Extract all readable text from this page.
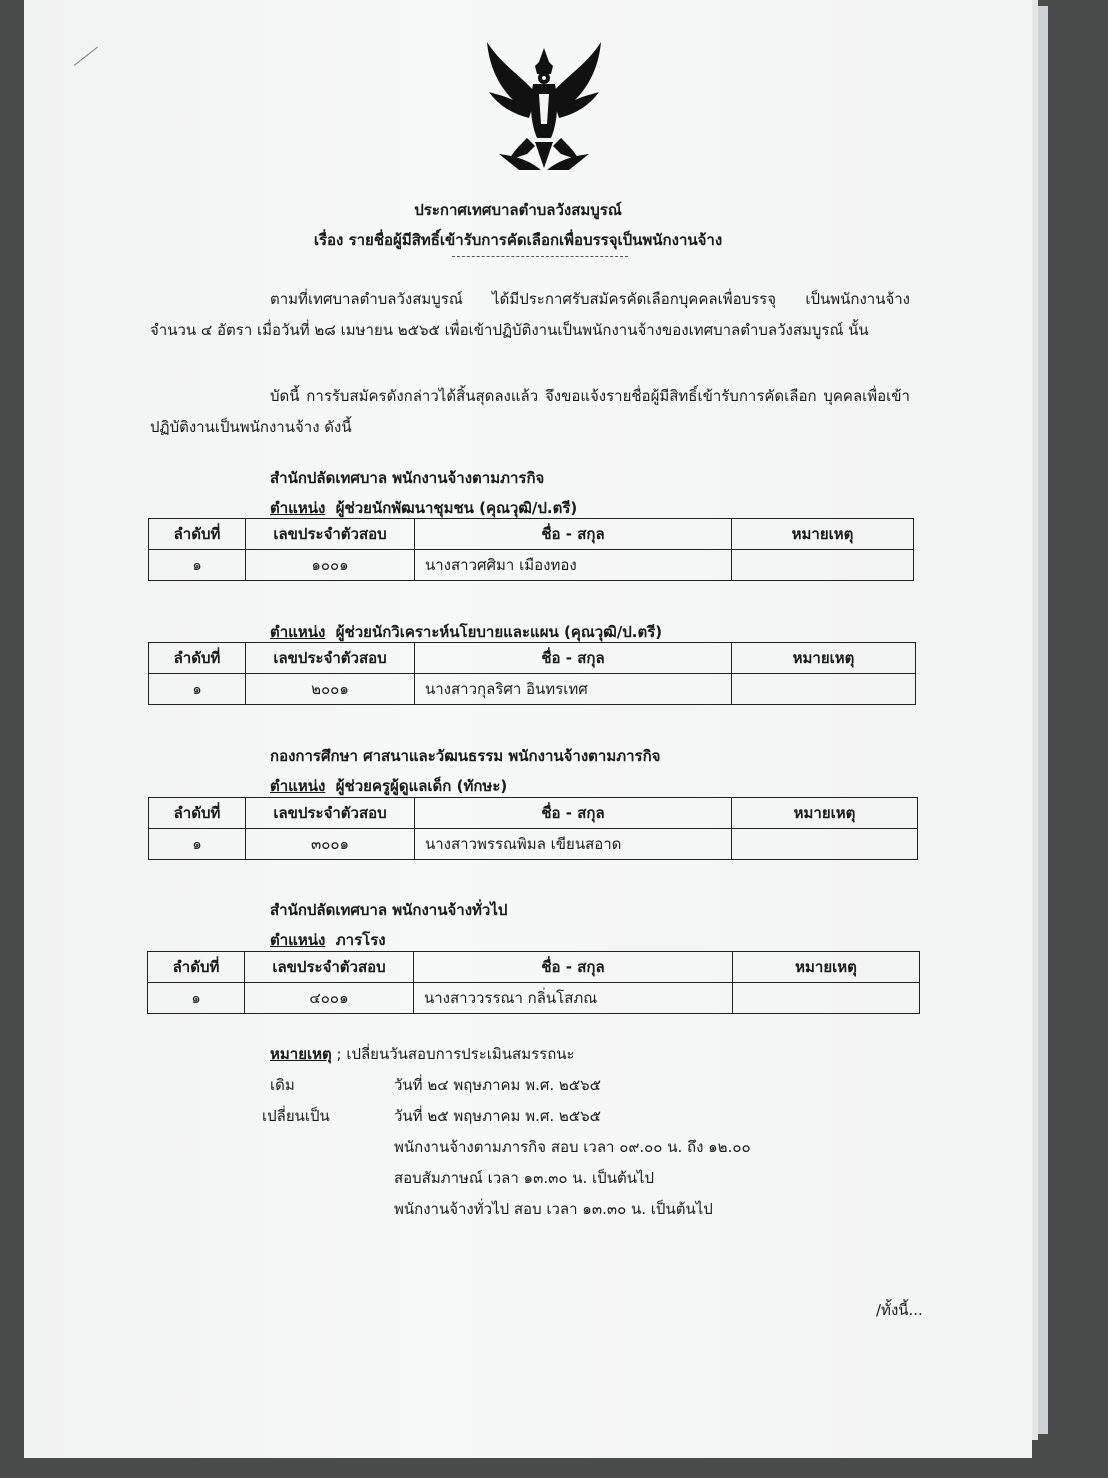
ประกาศเทศบาลตำบลวังสมบูรณ์
เรื่อง รายชื่อผู้มีสิทธิ์เข้ารับการคัดเลือกเพื่อบรรจุเป็นพนักงานจ้าง
ตามที่เทศบาลตำบลวังสมบูรณ์ ได้มีประกาศรับสมัครคัดเลือกบุคคลเพื่อบรรจุ เป็นพนักงานจ้าง จำนวน ๔ อัตรา เมื่อวันที่ ๒๘ เมษายน ๒๕๖๕ เพื่อเข้าปฏิบัติงานเป็นพนักงานจ้างของเทศบาลตำบลวังสมบูรณ์ นั้น
บัดนี้ การรับสมัครดังกล่าวได้สิ้นสุดลงแล้ว จึงขอแจ้งรายชื่อผู้มีสิทธิ์เข้ารับการคัดเลือก บุคคลเพื่อเข้าปฏิบัติงานเป็นพนักงานจ้าง ดังนี้
สำนักปลัดเทศบาล พนักงานจ้างตามภารกิจ
ตำแหน่ง ผู้ช่วยนักพัฒนาชุมชน (คุณวุฒิ/ป.ตรี)
ลำดับที่	เลขประจำตัวสอบ	ชื่อ - สกุล	หมายเหตุ
๑	๑๐๐๑	นางสาวศศิมา เมืองทอง	
ตำแหน่ง ผู้ช่วยนักวิเคราะห์นโยบายและแผน (คุณวุฒิ/ป.ตรี)
ลำดับที่	เลขประจำตัวสอบ	ชื่อ - สกุล	หมายเหตุ
๑	๒๐๐๑	นางสาวกุลริศา อินทรเทศ	
กองการศึกษา ศาสนาและวัฒนธรรม พนักงานจ้างตามภารกิจ
ตำแหน่ง ผู้ช่วยครูผู้ดูแลเด็ก (ทักษะ)
ลำดับที่	เลขประจำตัวสอบ	ชื่อ - สกุล	หมายเหตุ
๑	๓๐๐๑	นางสาวพรรณพิมล เขียนสอาด	
สำนักปลัดเทศบาล พนักงานจ้างทั่วไป
ตำแหน่ง ภารโรง
ลำดับที่	เลขประจำตัวสอบ	ชื่อ - สกุล	หมายเหตุ
๑	๔๐๐๑	นางสาววรรณา กลิ่นโสภณ	
หมายเหตุ ; เปลี่ยนวันสอบการประเมินสมรรถนะ
เดิม	วันที่ ๒๔ พฤษภาคม พ.ศ. ๒๕๖๕
เปลี่ยนเป็น	วันที่ ๒๕ พฤษภาคม พ.ศ. ๒๕๖๕
พนักงานจ้างตามภารกิจ สอบ เวลา ๐๙.๐๐ น. ถึง ๑๒.๐๐
สอบสัมภาษณ์ เวลา ๑๓.๓๐ น. เป็นต้นไป
พนักงานจ้างทั่วไป สอบ เวลา ๑๓.๓๐ น. เป็นต้นไป
/ทั้งนี้...
